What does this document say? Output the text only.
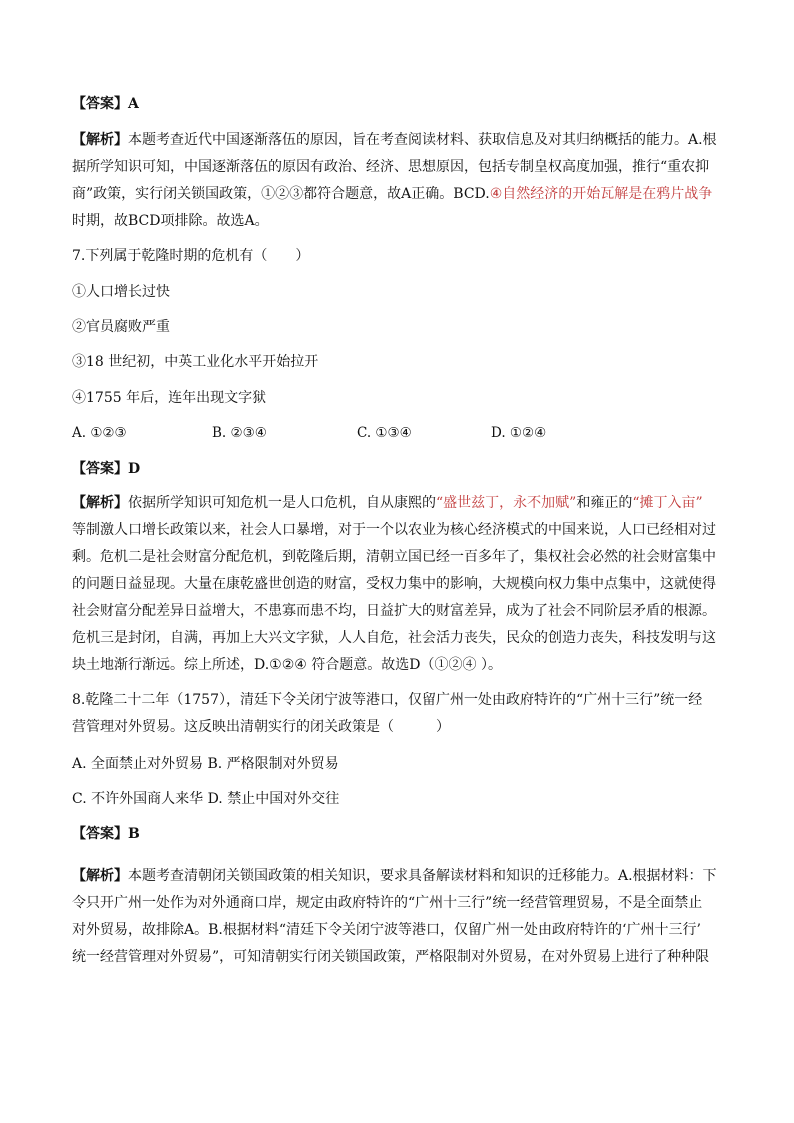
【答案】A
【解析】本题考查近代中国逐渐落伍的原因，旨在考查阅读材料、获取信息及对其归纳概括的能力。A.根
据所学知识可知，中国逐渐落伍的原因有政治、经济、思想原因，包括专制皇权高度加强，推行“重农抑
商”政策，实行闭关锁国政策，①②③都符合题意，故A正确。BCD.④自然经济的开始瓦解是在鸦片战争
时期，故BCD项排除。故选A。
7.下列属于乾隆时期的危机有（　　）
①人口增长过快
②官员腐败严重
③18 世纪初，中英工业化水平开始拉开
④1755 年后，连年出现文字狱
A. ①②③	B. ②③④	C. ①③④	D. ①②④
【答案】D
【解析】依据所学知识可知危机一是人口危机，自从康熙的“盛世兹丁，永不加赋”和雍正的“摊丁入亩”
等制激人口增长政策以来，社会人口暴增，对于一个以农业为核心经济模式的中国来说，人口已经相对过
剩。危机二是社会财富分配危机，到乾隆后期，清朝立国已经一百多年了，集权社会必然的社会财富集中
的问题日益显现。大量在康乾盛世创造的财富，受权力集中的影响，大规模向权力集中点集中，这就使得
社会财富分配差异日益增大，不患寡而患不均，日益扩大的财富差异，成为了社会不同阶层矛盾的根源。
危机三是封闭，自满，再加上大兴文字狱，人人自危，社会活力丧失，民众的创造力丧失，科技发明与这
块土地渐行渐远。综上所述，D.①②④ 符合题意。故选D（①②④ ）。
8.乾隆二十二年（1757），清廷下令关闭宁波等港口，仅留广州一处由政府特许的“广州十三行”统一经
营管理对外贸易。这反映出清朝实行的闭关政策是（　　　）
A. 全面禁止对外贸易 B. 严格限制对外贸易
C. 不许外国商人来华 D. 禁止中国对外交往
【答案】B
【解析】本题考查清朝闭关锁国政策的相关知识，要求具备解读材料和知识的迁移能力。A.根据材料：下
令只开广州一处作为对外通商口岸，规定由政府特许的“广州十三行”统一经营管理贸易，不是全面禁止
对外贸易，故排除A。B.根据材料“清廷下令关闭宁波等港口，仅留广州一处由政府特许的‘广州十三行’
统一经营管理对外贸易”，可知清朝实行闭关锁国政策，严格限制对外贸易，在对外贸易上进行了种种限
